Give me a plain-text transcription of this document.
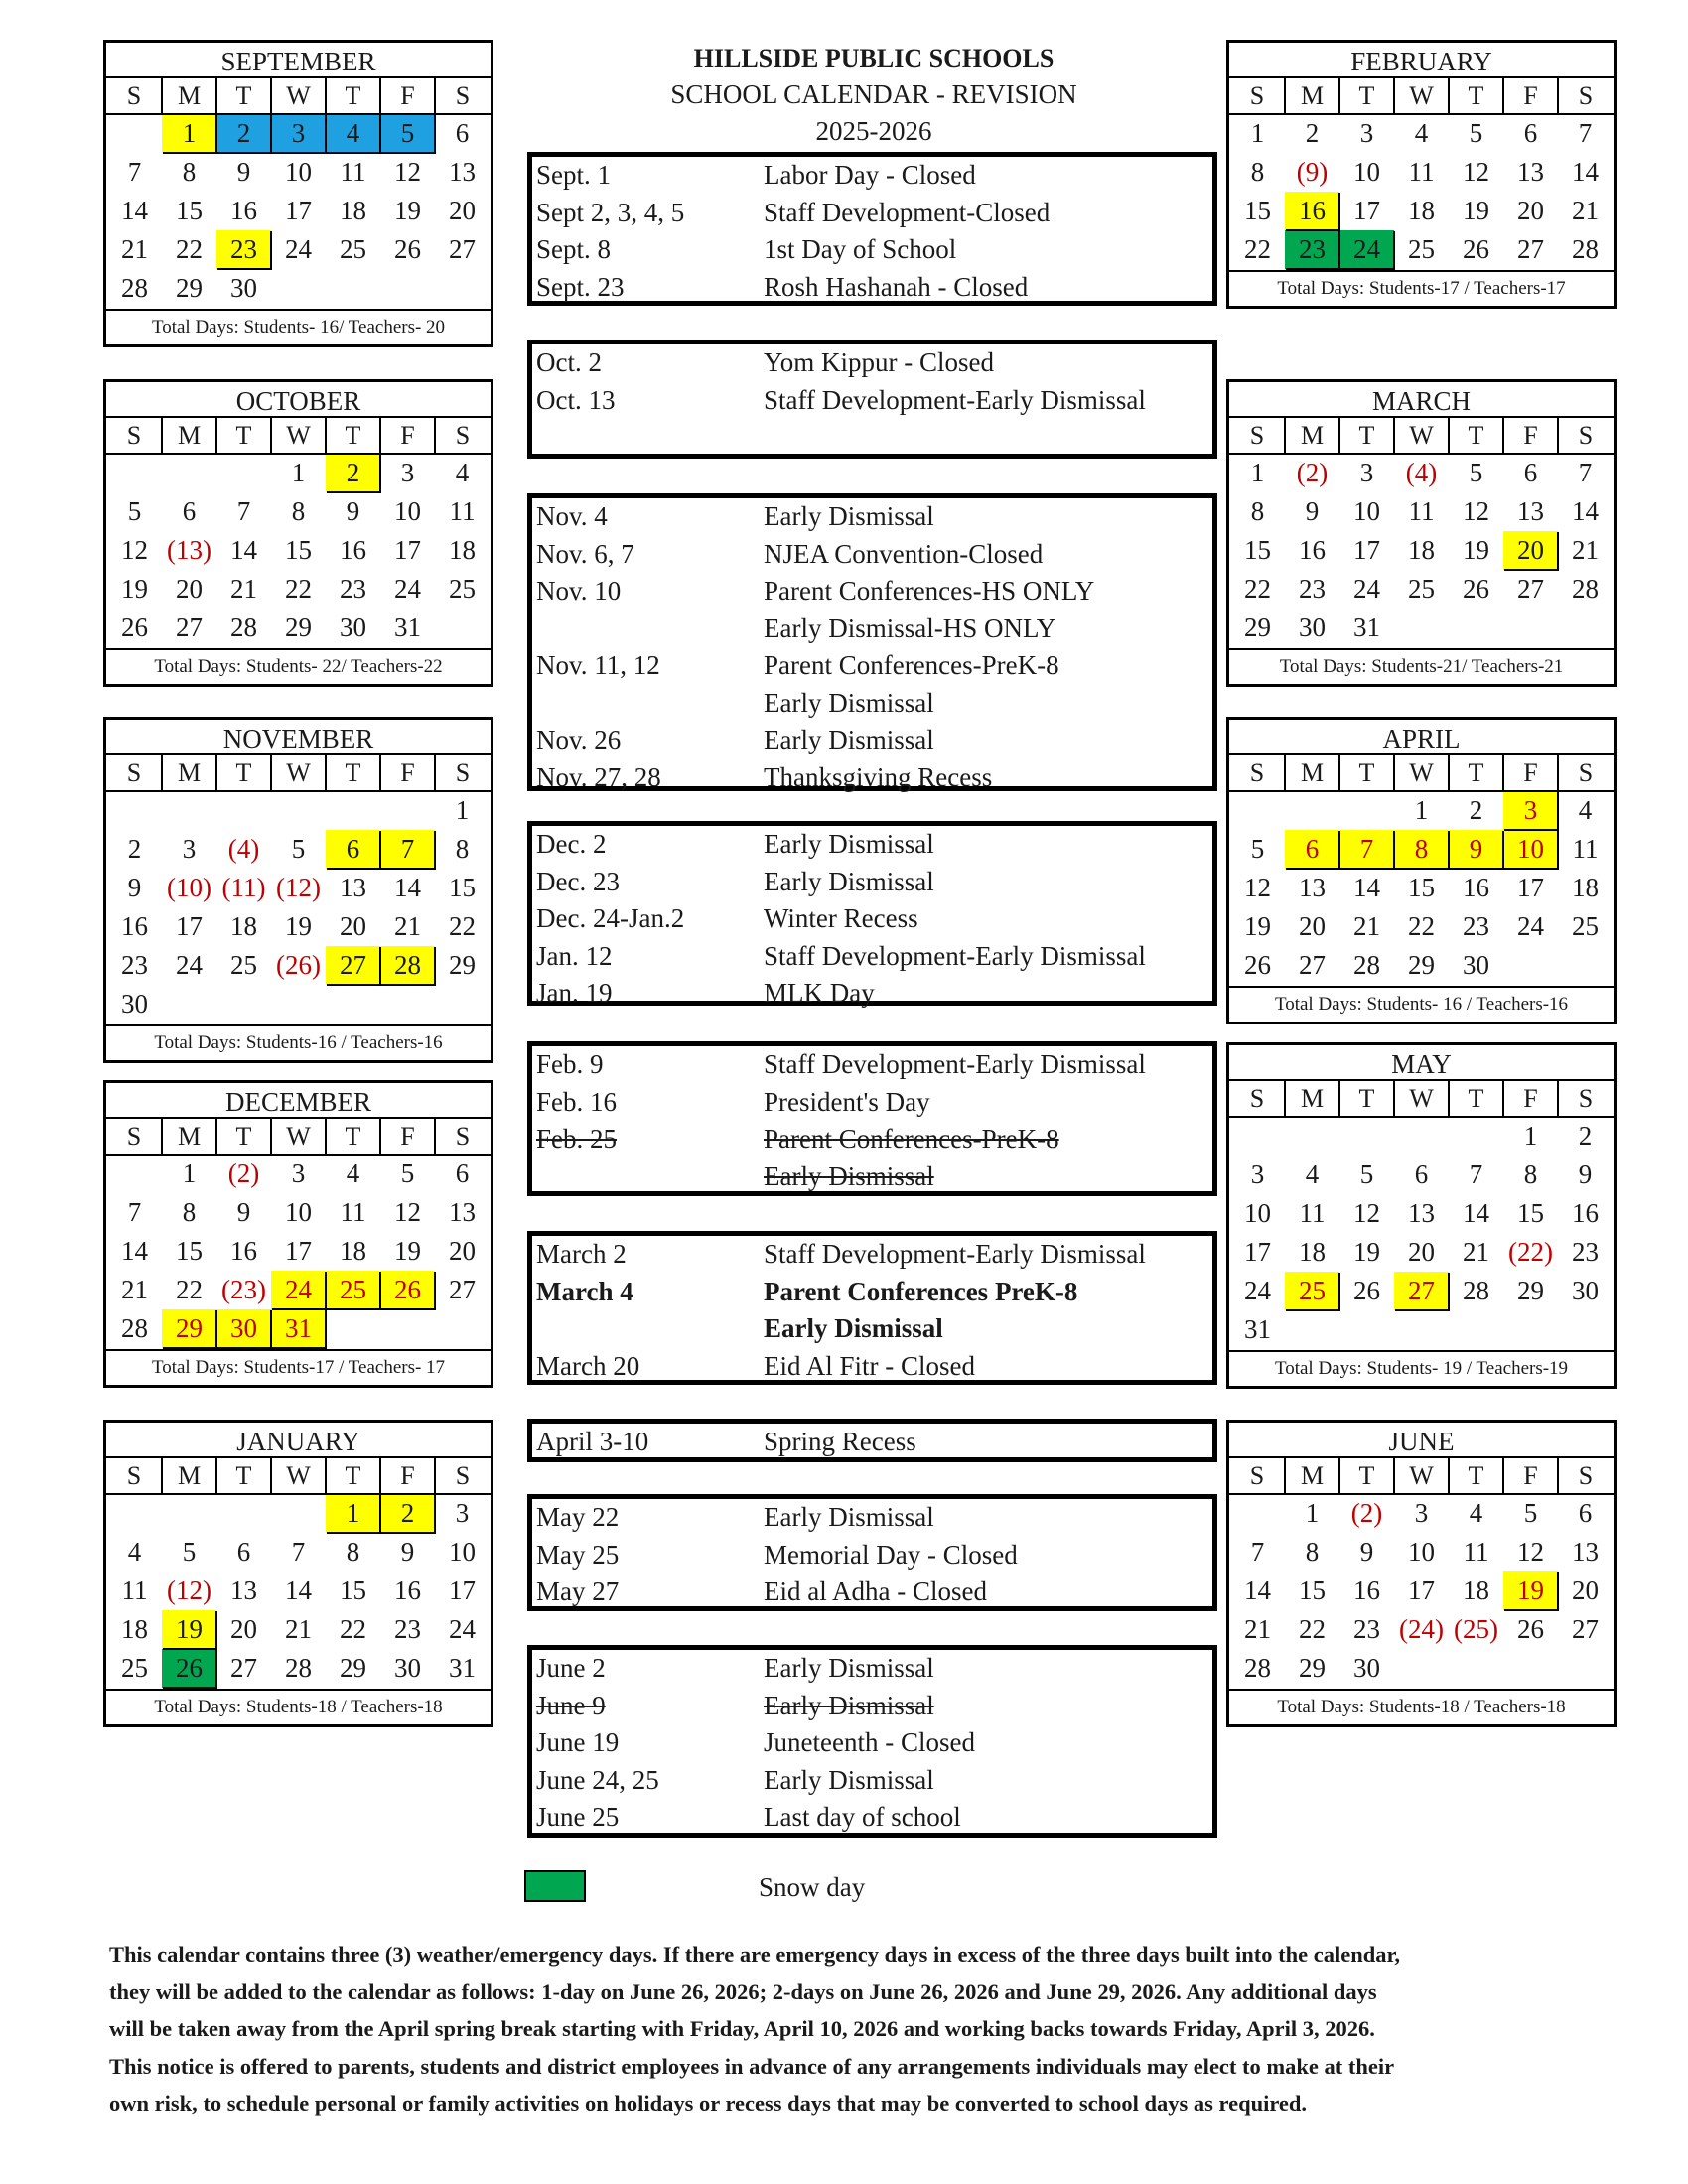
HILLSIDE PUBLIC SCHOOLS
SCHOOL CALENDAR - REVISION
2025-2026
SEPTEMBER
S	M	T	W	T	F	S
	1	2	3	4	5	6
7	8	9	10	11	12	13
14	15	16	17	18	19	20
21	22	23	24	25	26	27
28	29	30				
Total Days: Students- 16/ Teachers- 20
OCTOBER
S	M	T	W	T	F	S
			1	2	3	4
5	6	7	8	9	10	11
12	(13)	14	15	16	17	18
19	20	21	22	23	24	25
26	27	28	29	30	31	
Total Days: Students- 22/ Teachers-22
NOVEMBER
S	M	T	W	T	F	S
						1
2	3	(4)	5	6	7	8
9	(10)	(11)	(12)	13	14	15
16	17	18	19	20	21	22
23	24	25	(26)	27	28	29
30						
Total Days: Students-16 / Teachers-16
DECEMBER
S	M	T	W	T	F	S
	1	(2)	3	4	5	6
7	8	9	10	11	12	13
14	15	16	17	18	19	20
21	22	(23)	24	25	26	27
28	29	30	31			
Total Days: Students-17 / Teachers- 17
JANUARY
S	M	T	W	T	F	S
				1	2	3
4	5	6	7	8	9	10
11	(12)	13	14	15	16	17
18	19	20	21	22	23	24
25	26	27	28	29	30	31
Total Days: Students-18 / Teachers-18
FEBRUARY
S	M	T	W	T	F	S
1	2	3	4	5	6	7
8	(9)	10	11	12	13	14
15	16	17	18	19	20	21
22	23	24	25	26	27	28
Total Days: Students-17 / Teachers-17
MARCH
S	M	T	W	T	F	S
1	(2)	3	(4)	5	6	7
8	9	10	11	12	13	14
15	16	17	18	19	20	21
22	23	24	25	26	27	28
29	30	31				
Total Days: Students-21/ Teachers-21
APRIL
S	M	T	W	T	F	S
			1	2	3	4
5	6	7	8	9	10	11
12	13	14	15	16	17	18
19	20	21	22	23	24	25
26	27	28	29	30		
Total Days: Students- 16 / Teachers-16
MAY
S	M	T	W	T	F	S
					1	2
3	4	5	6	7	8	9
10	11	12	13	14	15	16
17	18	19	20	21	(22)	23
24	25	26	27	28	29	30
31						
Total Days: Students- 19 / Teachers-19
JUNE
S	M	T	W	T	F	S
	1	(2)	3	4	5	6
7	8	9	10	11	12	13
14	15	16	17	18	19	20
21	22	23	(24)	(25)	26	27
28	29	30				
Total Days: Students-18 / Teachers-18
Sept. 1	Labor Day - Closed
Sept 2, 3, 4, 5	Staff Development-Closed
Sept. 8	1st Day of School
Sept. 23	Rosh Hashanah - Closed
Oct. 2	Yom Kippur - Closed
Oct. 13	Staff Development-Early Dismissal
Nov. 4	Early Dismissal
Nov. 6, 7	NJEA Convention-Closed
Nov. 10	Parent Conferences-HS ONLY
Early Dismissal-HS ONLY
Nov. 11, 12	Parent Conferences-PreK-8
Early Dismissal
Nov. 26	Early Dismissal
Nov. 27, 28	Thanksgiving Recess
Dec. 2	Early Dismissal
Dec. 23	Early Dismissal
Dec. 24-Jan.2	Winter Recess
Jan. 12	Staff Development-Early Dismissal
Jan. 19	MLK Day
Feb. 9	Staff Development-Early Dismissal
Feb. 16	President's Day
Feb. 25	Parent Conferences-PreK-8
Early Dismissal
March 2	Staff Development-Early Dismissal
March 4	Parent Conferences PreK-8
Early Dismissal
March 20	Eid Al Fitr - Closed
April 3-10	Spring Recess
May 22	Early Dismissal
May 25	Memorial Day - Closed
May 27	Eid al Adha - Closed
June 2	Early Dismissal
June 9	Early Dismissal
June 19	Juneteenth - Closed
June 24, 25	Early Dismissal
June 25	Last day of school
Snow day
This calendar contains three (3) weather/emergency days. If there are emergency days in excess of the three days built into the calendar,
they will be added to the calendar as follows: 1-day on June 26, 2026; 2-days on June 26, 2026 and June 29, 2026. Any additional days
will be taken away from the April spring break starting with Friday, April 10, 2026 and working backs towards Friday, April 3, 2026.
This notice is offered to parents, students and district employees in advance of any arrangements individuals may elect to make at their
own risk, to schedule personal or family activities on holidays or recess days that may be converted to school days as required.
